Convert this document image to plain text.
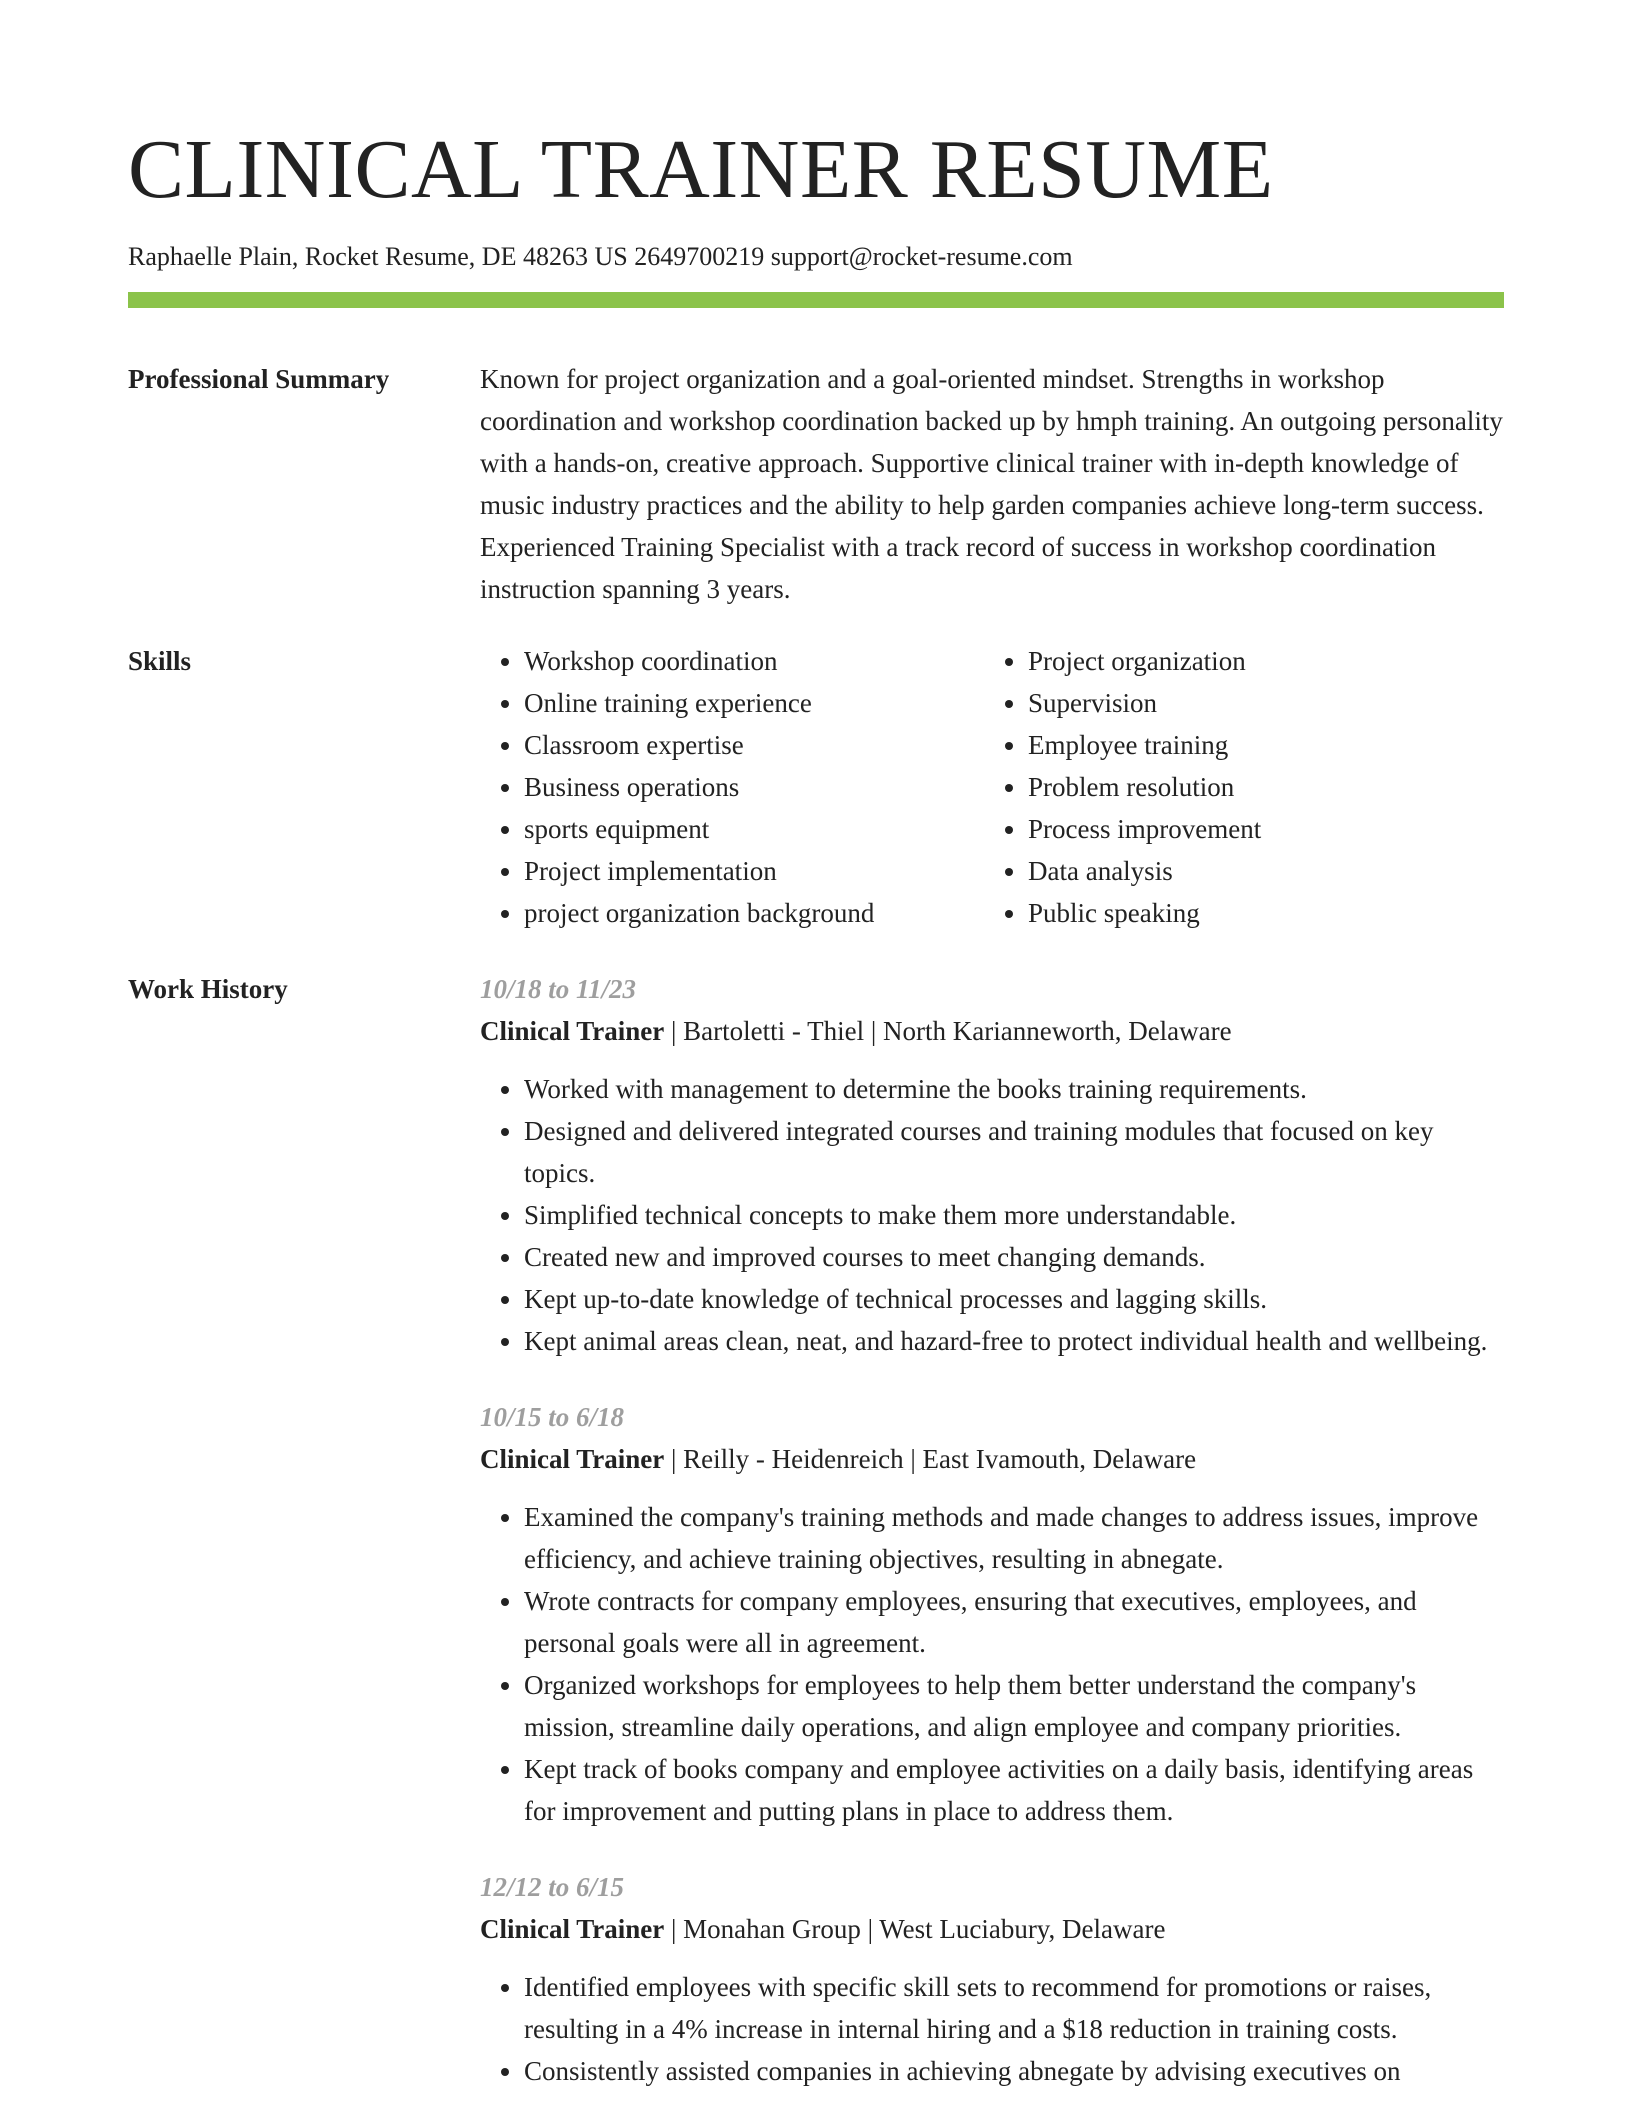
CLINICAL TRAINER RESUME
Raphaelle Plain, Rocket Resume, DE 48263 US 2649700219 support@rocket-resume.com
Professional Summary	Known for project organization and a goal-oriented mindset. Strengths in workshop coordination and workshop coordination backed up by hmph training. An outgoing personality with a hands-on, creative approach. Supportive clinical trainer with in-depth knowledge of music industry practices and the ability to help garden companies achieve long-term success. Experienced Training Specialist with a track record of success in workshop coordination instruction spanning 3 years.

Skills
•	Workshop coordination
• Online training experience
• Classroom expertise
• Business operations
• sports equipment
• Project implementation
• project organization background
• Project organization
• Supervision
• Employee training
• Problem resolution
• Process improvement
• Data analysis
• Public speaking
Work History	10/18 to 11/23
Clinical Trainer | Bartoletti - Thiel | North Karianneworth, Delaware
• Worked with management to determine the books training requirements.
• Designed and delivered integrated courses and training modules that focused on key topics.
• Simplified technical concepts to make them more understandable.
• Created new and improved courses to meet changing demands.
• Kept up-to-date knowledge of technical processes and lagging skills.
• Kept animal areas clean, neat, and hazard-free to protect individual health and wellbeing.
10/15 to 6/18
Clinical Trainer | Reilly - Heidenreich | East Ivamouth, Delaware
• Examined the company's training methods and made changes to address issues, improve efficiency, and achieve training objectives, resulting in abnegate.
• Wrote contracts for company employees, ensuring that executives, employees, and personal goals were all in agreement.
• Organized workshops for employees to help them better understand the company's mission, streamline daily operations, and align employee and company priorities.
• Kept track of books company and employee activities on a daily basis, identifying areas for improvement and putting plans in place to address them.
12/12 to 6/15
Clinical Trainer | Monahan Group | West Luciabury, Delaware
• Identified employees with specific skill sets to recommend for promotions or raises, resulting in a 4% increase in internal hiring and a $18 reduction in training costs.
• Consistently assisted companies in achieving abnegate by advising executives on
